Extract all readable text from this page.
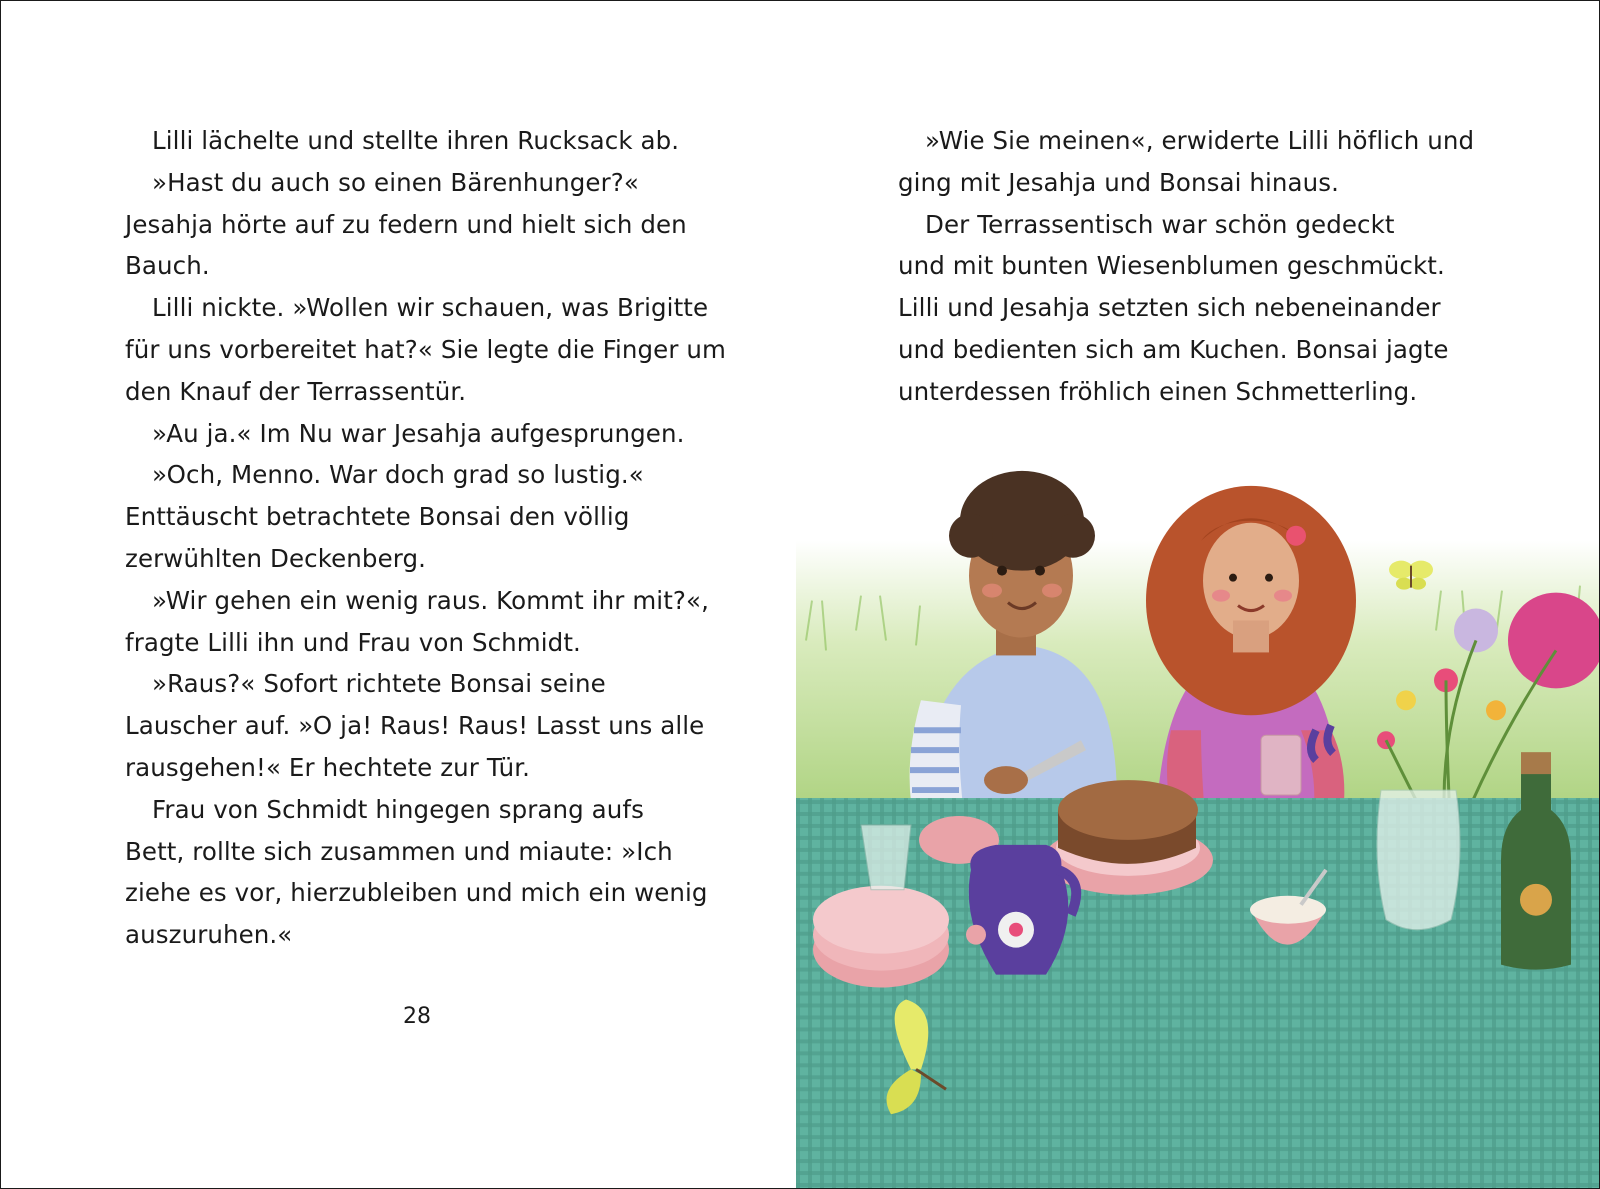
Lilli lächelte und stellte ihren Rucksack ab.
»Hast du auch so einen Bärenhunger?«
Jesahja hörte auf zu federn und hielt sich den
Bauch.
Lilli nickte. »Wollen wir schauen, was Brigitte
für uns vorbereitet hat?« Sie legte die Finger um
den Knauf der Terrassentür.
»Au ja.« Im Nu war Jesahja aufgesprungen.
»Och, Menno. War doch grad so lustig.«
Enttäuscht betrachtete Bonsai den völlig
zerwühlten Deckenberg.
»Wir gehen ein wenig raus. Kommt ihr mit?«,
fragte Lilli ihn und Frau von Schmidt.
»Raus?« Sofort richtete Bonsai seine
Lauscher auf. »O ja! Raus! Raus! Lasst uns alle
rausgehen!« Er hechtete zur Tür.
Frau von Schmidt hingegen sprang aufs
Bett, rollte sich zusammen und miaute: »Ich
ziehe es vor, hierzubleiben und mich ein wenig
auszuruhen.«
28
»Wie Sie meinen«, erwiderte Lilli höflich und
ging mit Jesahja und Bonsai hinaus.
Der Terrassentisch war schön gedeckt
und mit bunten Wiesenblumen geschmückt.
Lilli und Jesahja setzten sich nebeneinander
und bedienten sich am Kuchen. Bonsai jagte
unterdessen fröhlich einen Schmetterling.
